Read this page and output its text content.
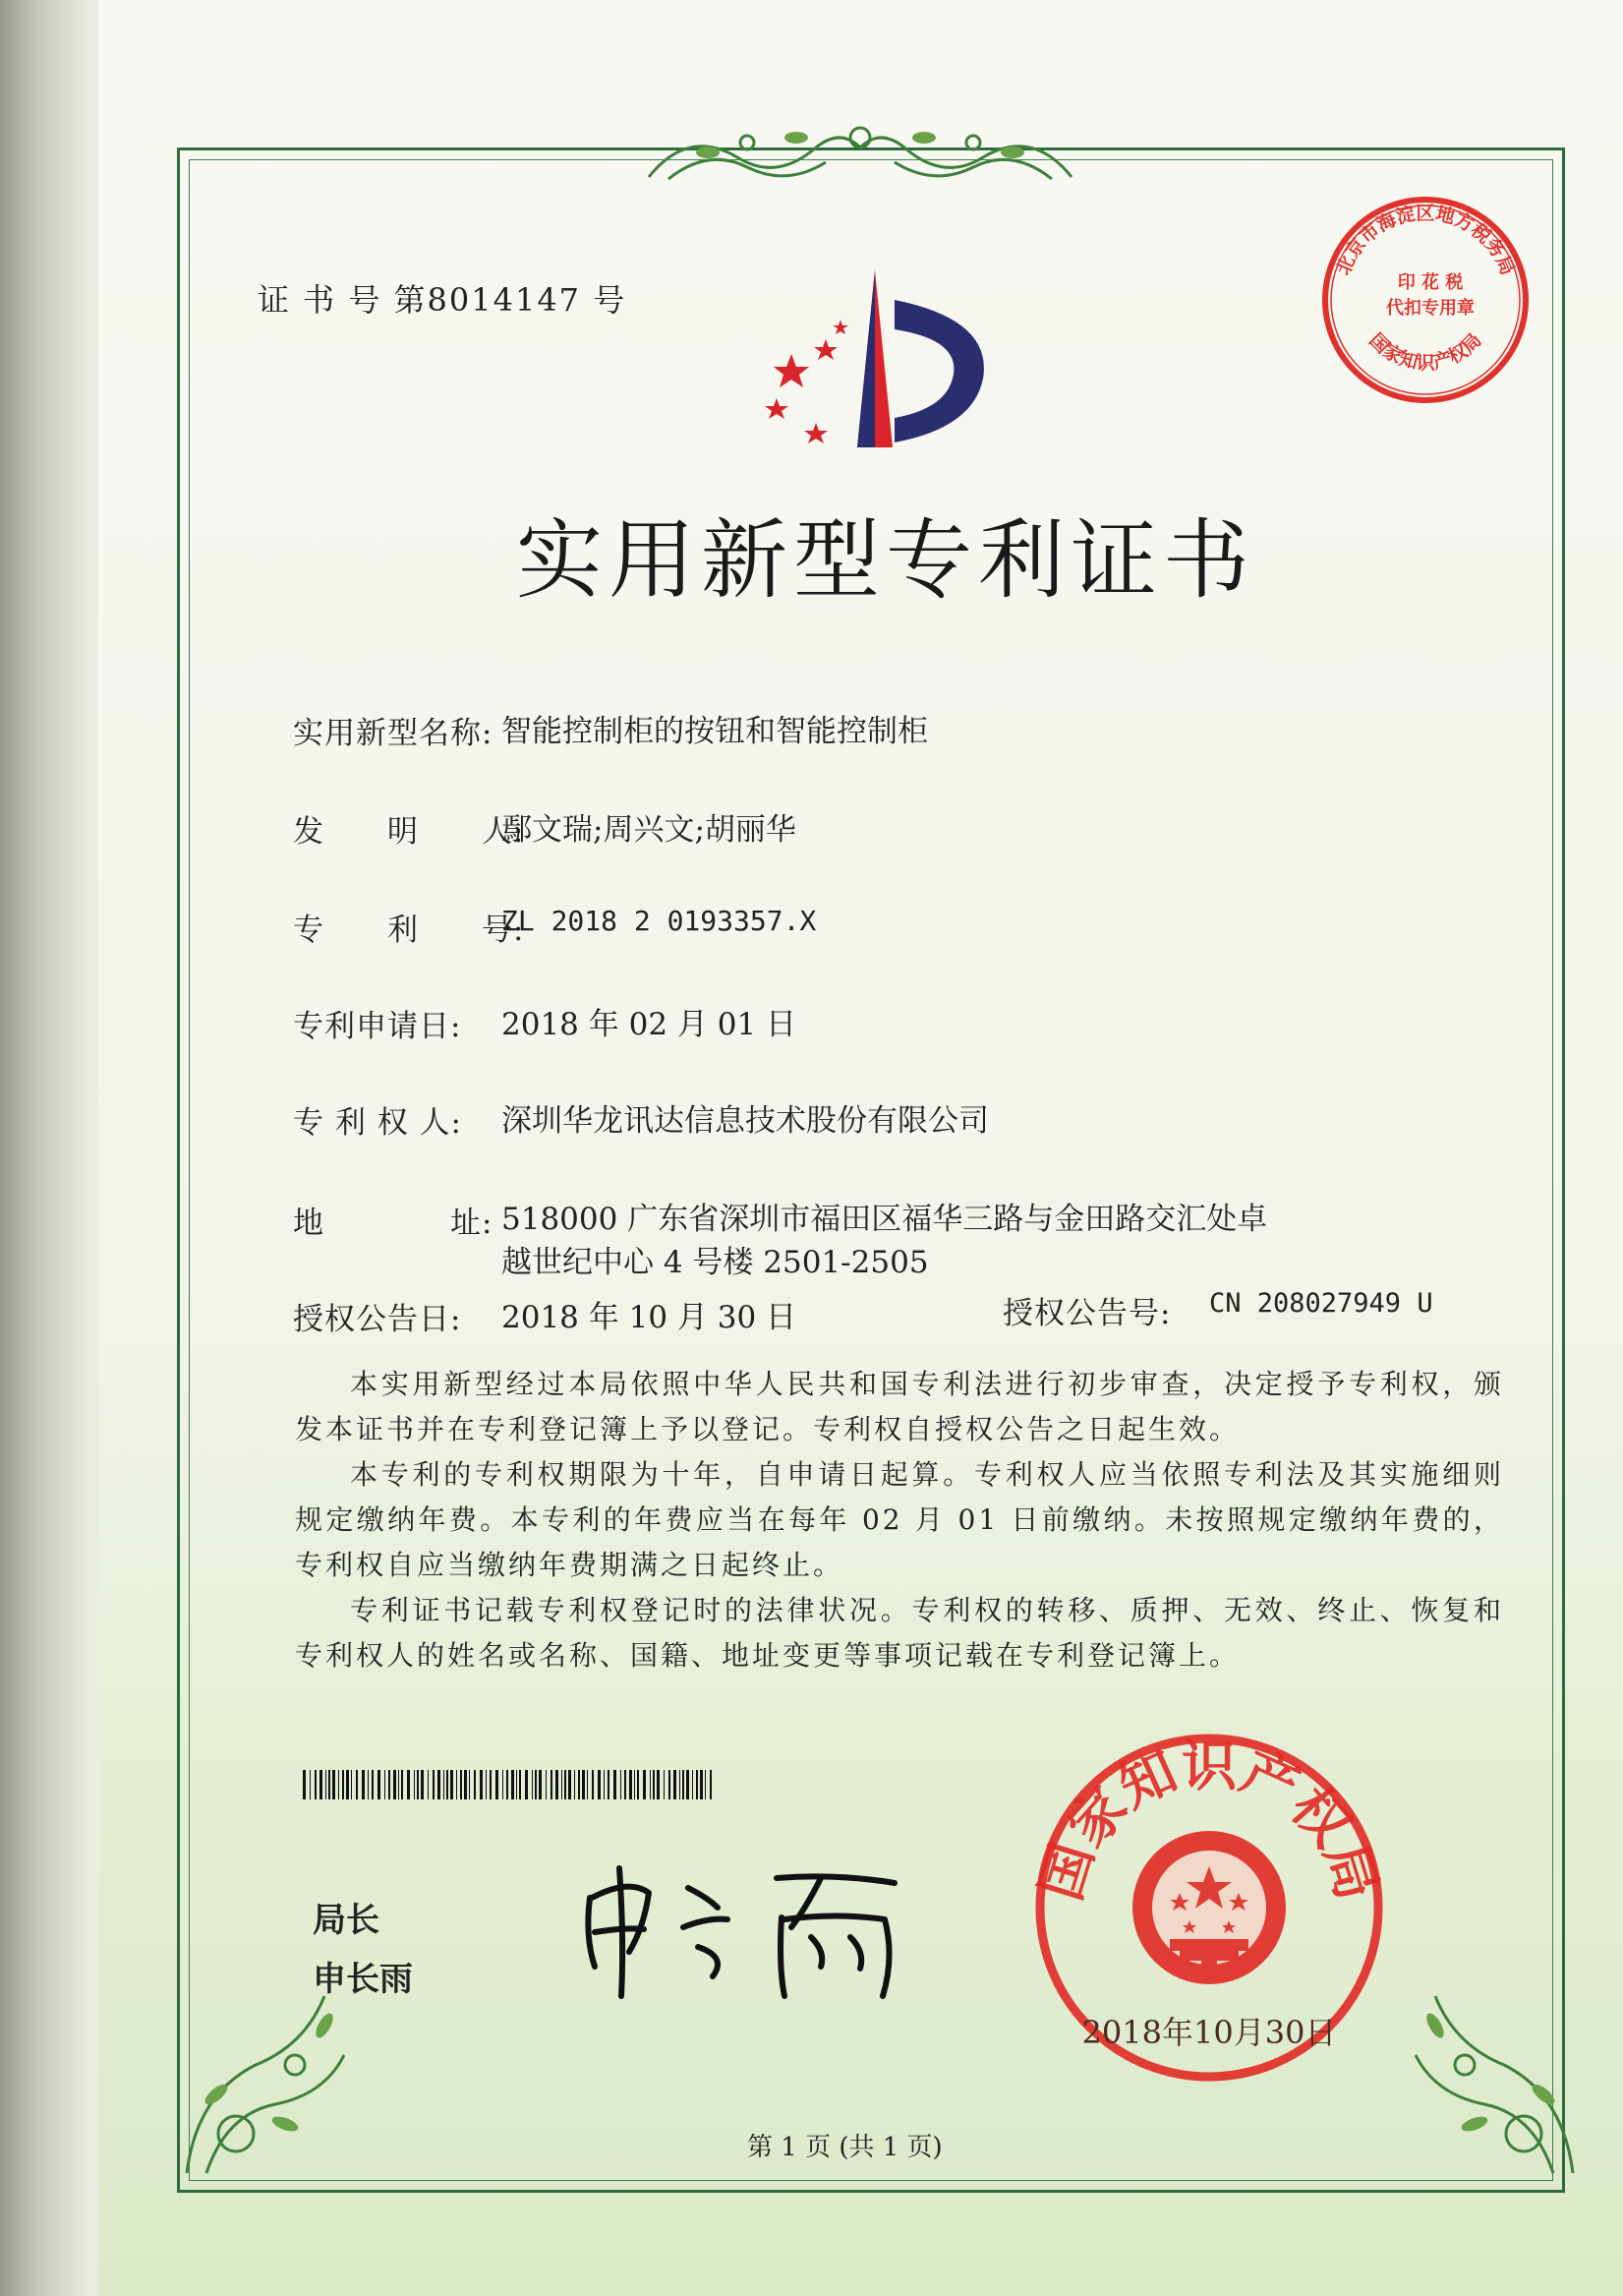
证 书 号 第8014147 号
北京市海淀区地方税务局
国家知识产权局
印 花 税
代扣专用章
实用新型专利证书
实用新型名称: 智能控制柜的按钮和智能控制柜
发　　明　　人:
鄢文瑞;周兴文;胡丽华
专　　利　　号:
ZL 2018 2 0193357.X
专利申请日: 2018 年 02 月 01 日
专 利 权 人: 深圳华龙讯达信息技术股份有限公司
地　　　　址: 518000 广东省深圳市福田区福华三路与金田路交汇处卓
越世纪中心 4 号楼 2501-2505
授权公告日: 2018 年 10 月 30 日	授权公告号: CN 208027949 U

本实用新型经过本局依照中华人民共和国专利法进行初步审查，决定授予专利权，颁发本证书并在专利登记簿上予以登记。专利权自授权公告之日起生效。

本专利的专利权期限为十年，自申请日起算。专利权人应当依照专利法及其实施细则规定缴纳年费。本专利的年费应当在每年 02 月 01 日前缴纳。未按照规定缴纳年费的，专利权自应当缴纳年费期满之日起终止。

专利证书记载专利权登记时的法律状况。专利权的转移、质押、无效、终止、恢复和专利权人的姓名或名称、国籍、地址变更等事项记载在专利登记簿上。

局长
申长雨
国家知识产权局
2018年10月30日
第 1 页 (共 1 页)
